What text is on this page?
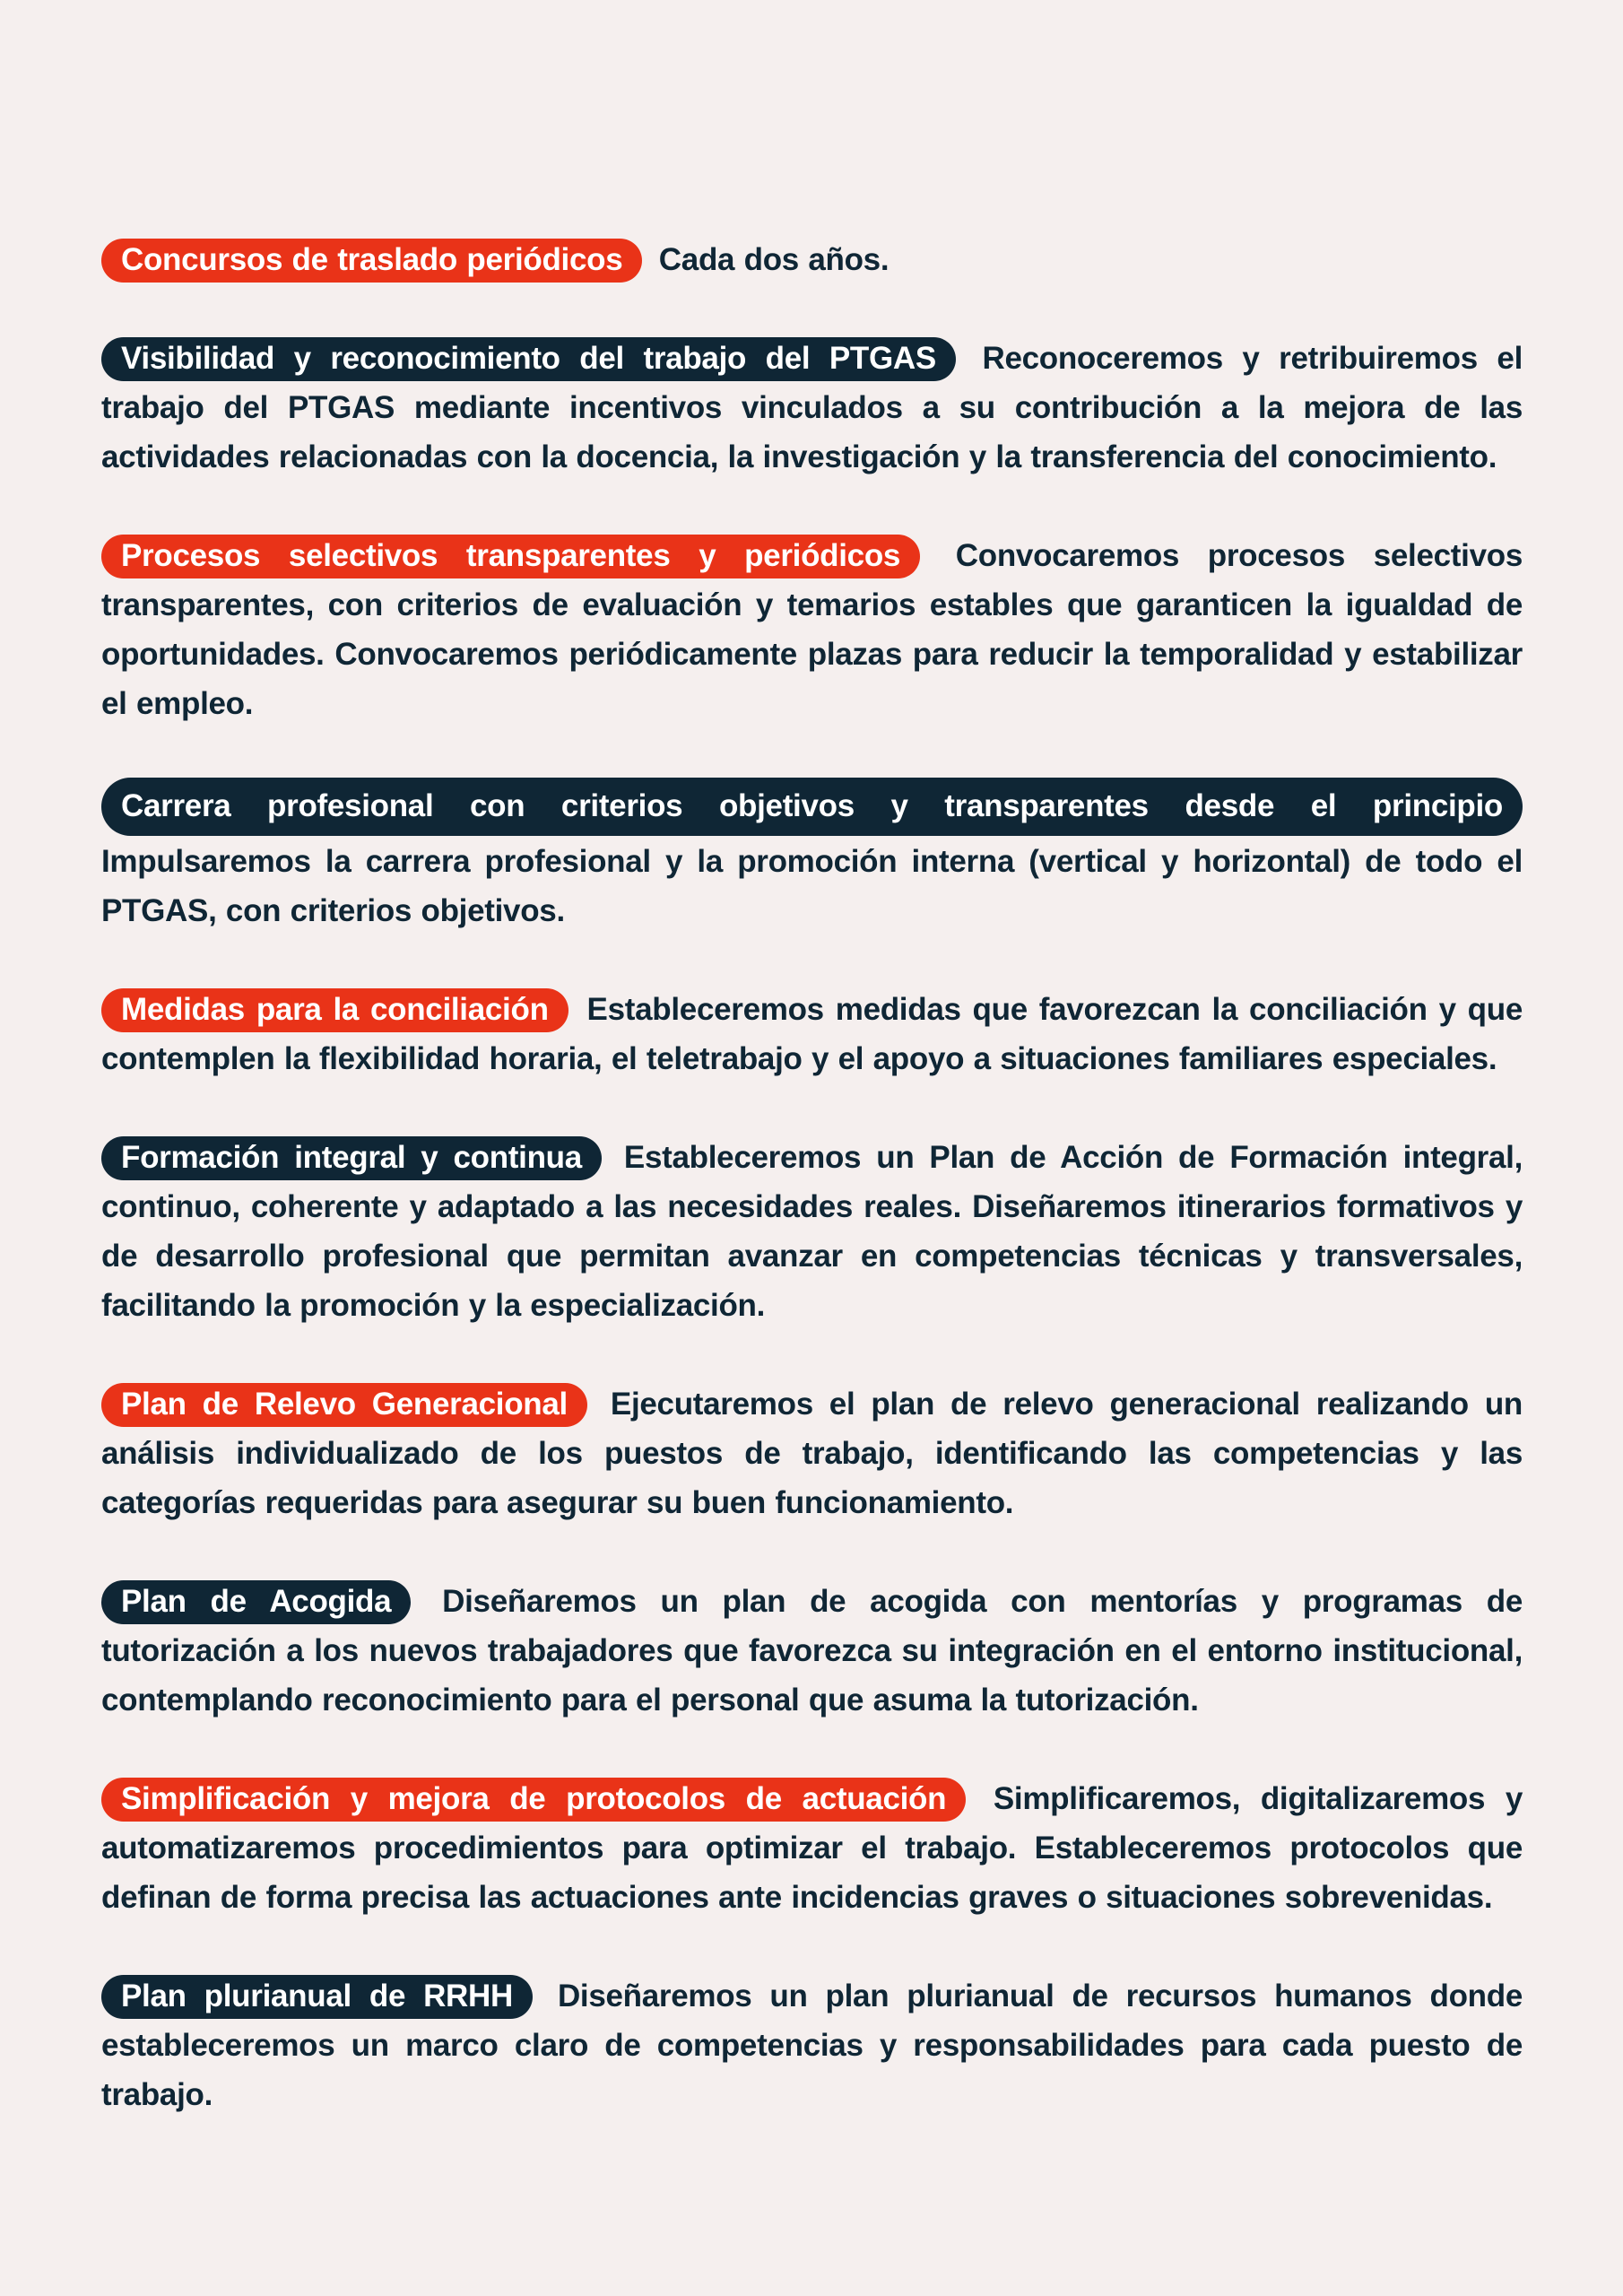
Concursos de traslado periódicos Cada dos años.

Visibilidad y reconocimiento del trabajo del PTGAS Reconoceremos y retribuiremos el trabajo del PTGAS mediante incentivos vinculados a su contribución a la mejora de las actividades relacionadas con la docencia, la investigación y la transferencia del conocimiento.

Procesos selectivos transparentes y periódicos Convocaremos procesos selectivos transparentes, con criterios de evaluación y temarios estables que garanticen la igualdad de oportunidades. Convocaremos periódicamente plazas para reducir la temporalidad y estabilizar el empleo.

Carrera profesional con criterios objetivos y transparentes desde el principio
Impulsaremos la carrera profesional y la promoción interna (vertical y horizontal) de todo el PTGAS, con criterios objetivos.

Medidas para la conciliación Estableceremos medidas que favorezcan la conciliación y que contemplen la flexibilidad horaria, el teletrabajo y el apoyo a situaciones familiares especiales.

Formación integral y continua Estableceremos un Plan de Acción de Formación integral, continuo, coherente y adaptado a las necesidades reales. Diseñaremos itinerarios formativos y de desarrollo profesional que permitan avanzar en competencias técnicas y transversales, facilitando la promoción y la especialización.

Plan de Relevo Generacional Ejecutaremos el plan de relevo generacional realizando un análisis individualizado de los puestos de trabajo, identificando las competencias y las categorías requeridas para asegurar su buen funcionamiento.

Plan de Acogida Diseñaremos un plan de acogida con mentorías y programas de tutorización a los nuevos trabajadores que favorezca su integración en el entorno institucional, contemplando reconocimiento para el personal que asuma la tutorización.

Simplificación y mejora de protocolos de actuación Simplificaremos, digitalizaremos y automatizaremos procedimientos para optimizar el trabajo. Estableceremos protocolos que definan de forma precisa las actuaciones ante incidencias graves o situaciones sobrevenidas.

Plan plurianual de RRHH Diseñaremos un plan plurianual de recursos humanos donde estableceremos un marco claro de competencias y responsabilidades para cada puesto de trabajo.
